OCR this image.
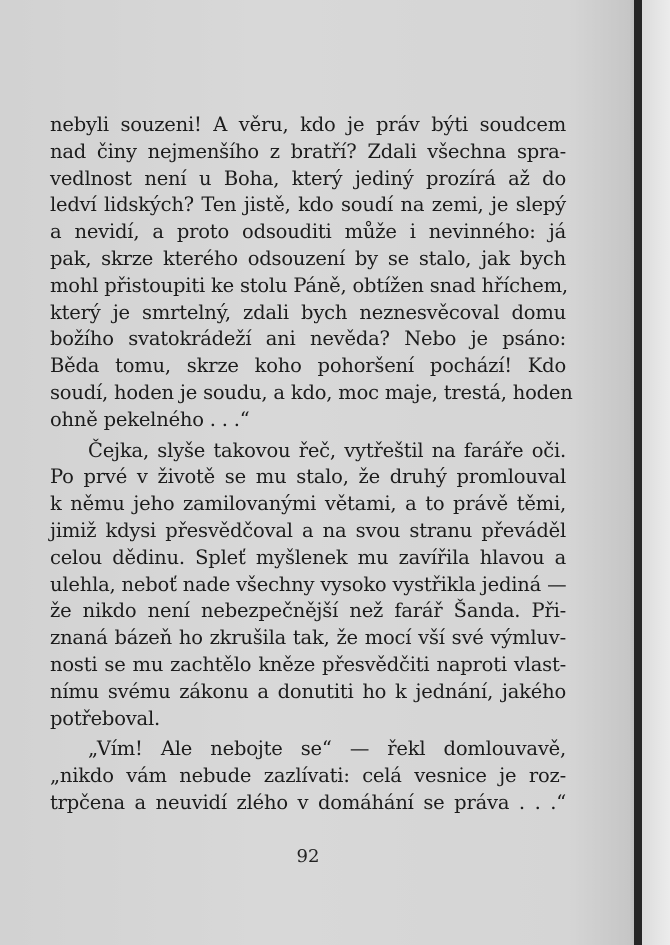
nebyli souzeni! A věru, kdo je práv býti soudcem
nad činy nejmenšího z bratří? Zdali všechna spra-
vedlnost není u Boha, který jediný prozírá až do
ledví lidských? Ten jistě, kdo soudí na zemi, je slepý
a nevidí, a proto odsouditi může i nevinného: já
pak, skrze kterého odsouzení by se stalo, jak bych
mohl přistoupiti ke stolu Páně, obtížen snad hříchem,
který je smrtelný, zdali bych neznesvěcoval domu
božího svatokrádeží ani nevěda? Nebo je psáno:
Běda tomu, skrze koho pohoršení pochází! Kdo
soudí, hoden je soudu, a kdo, moc maje, trestá, hoden
ohně pekelného . . .“
Čejka, slyše takovou řeč, vytřeštil na faráře oči.
Po prvé v životě se mu stalo, že druhý promlouval
k němu jeho zamilovanými větami, a to právě těmi,
jimiž kdysi přesvědčoval a na svou stranu převáděl
celou dědinu. Spleť myšlenek mu zavířila hlavou a
ulehla, neboť nade všechny vysoko vystřikla jediná —
že nikdo není nebezpečnější než farář Šanda. Při-
znaná bázeň ho zkrušila tak, že mocí vší své výmluv-
nosti se mu zachtělo kněze přesvědčiti naproti vlast-
nímu svému zákonu a donutiti ho k jednání, jakého
potřeboval.
„Vím! Ale nebojte se“ — řekl domlouvavě,
„nikdo vám nebude zazlívati: celá vesnice je roz-
trpčena a neuvidí zlého v domáhání se práva . . .“
92
